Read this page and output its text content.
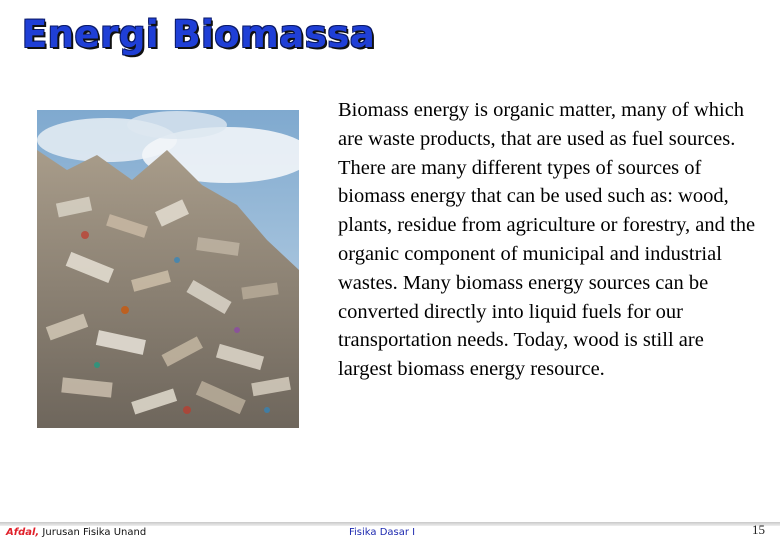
Energi Biomassa

Biomass energy is organic matter, many of which are waste products, that are used as fuel sources. There are many different types of sources of biomass energy that can be used such as: wood, plants, residue from agriculture or forestry, and the organic component of municipal and industrial wastes. Many biomass energy sources can be converted directly into liquid fuels for our transportation needs. Today, wood is still are largest biomass energy resource.

Afdal, Jurusan Fisika Unand	Fisika Dasar I	15
